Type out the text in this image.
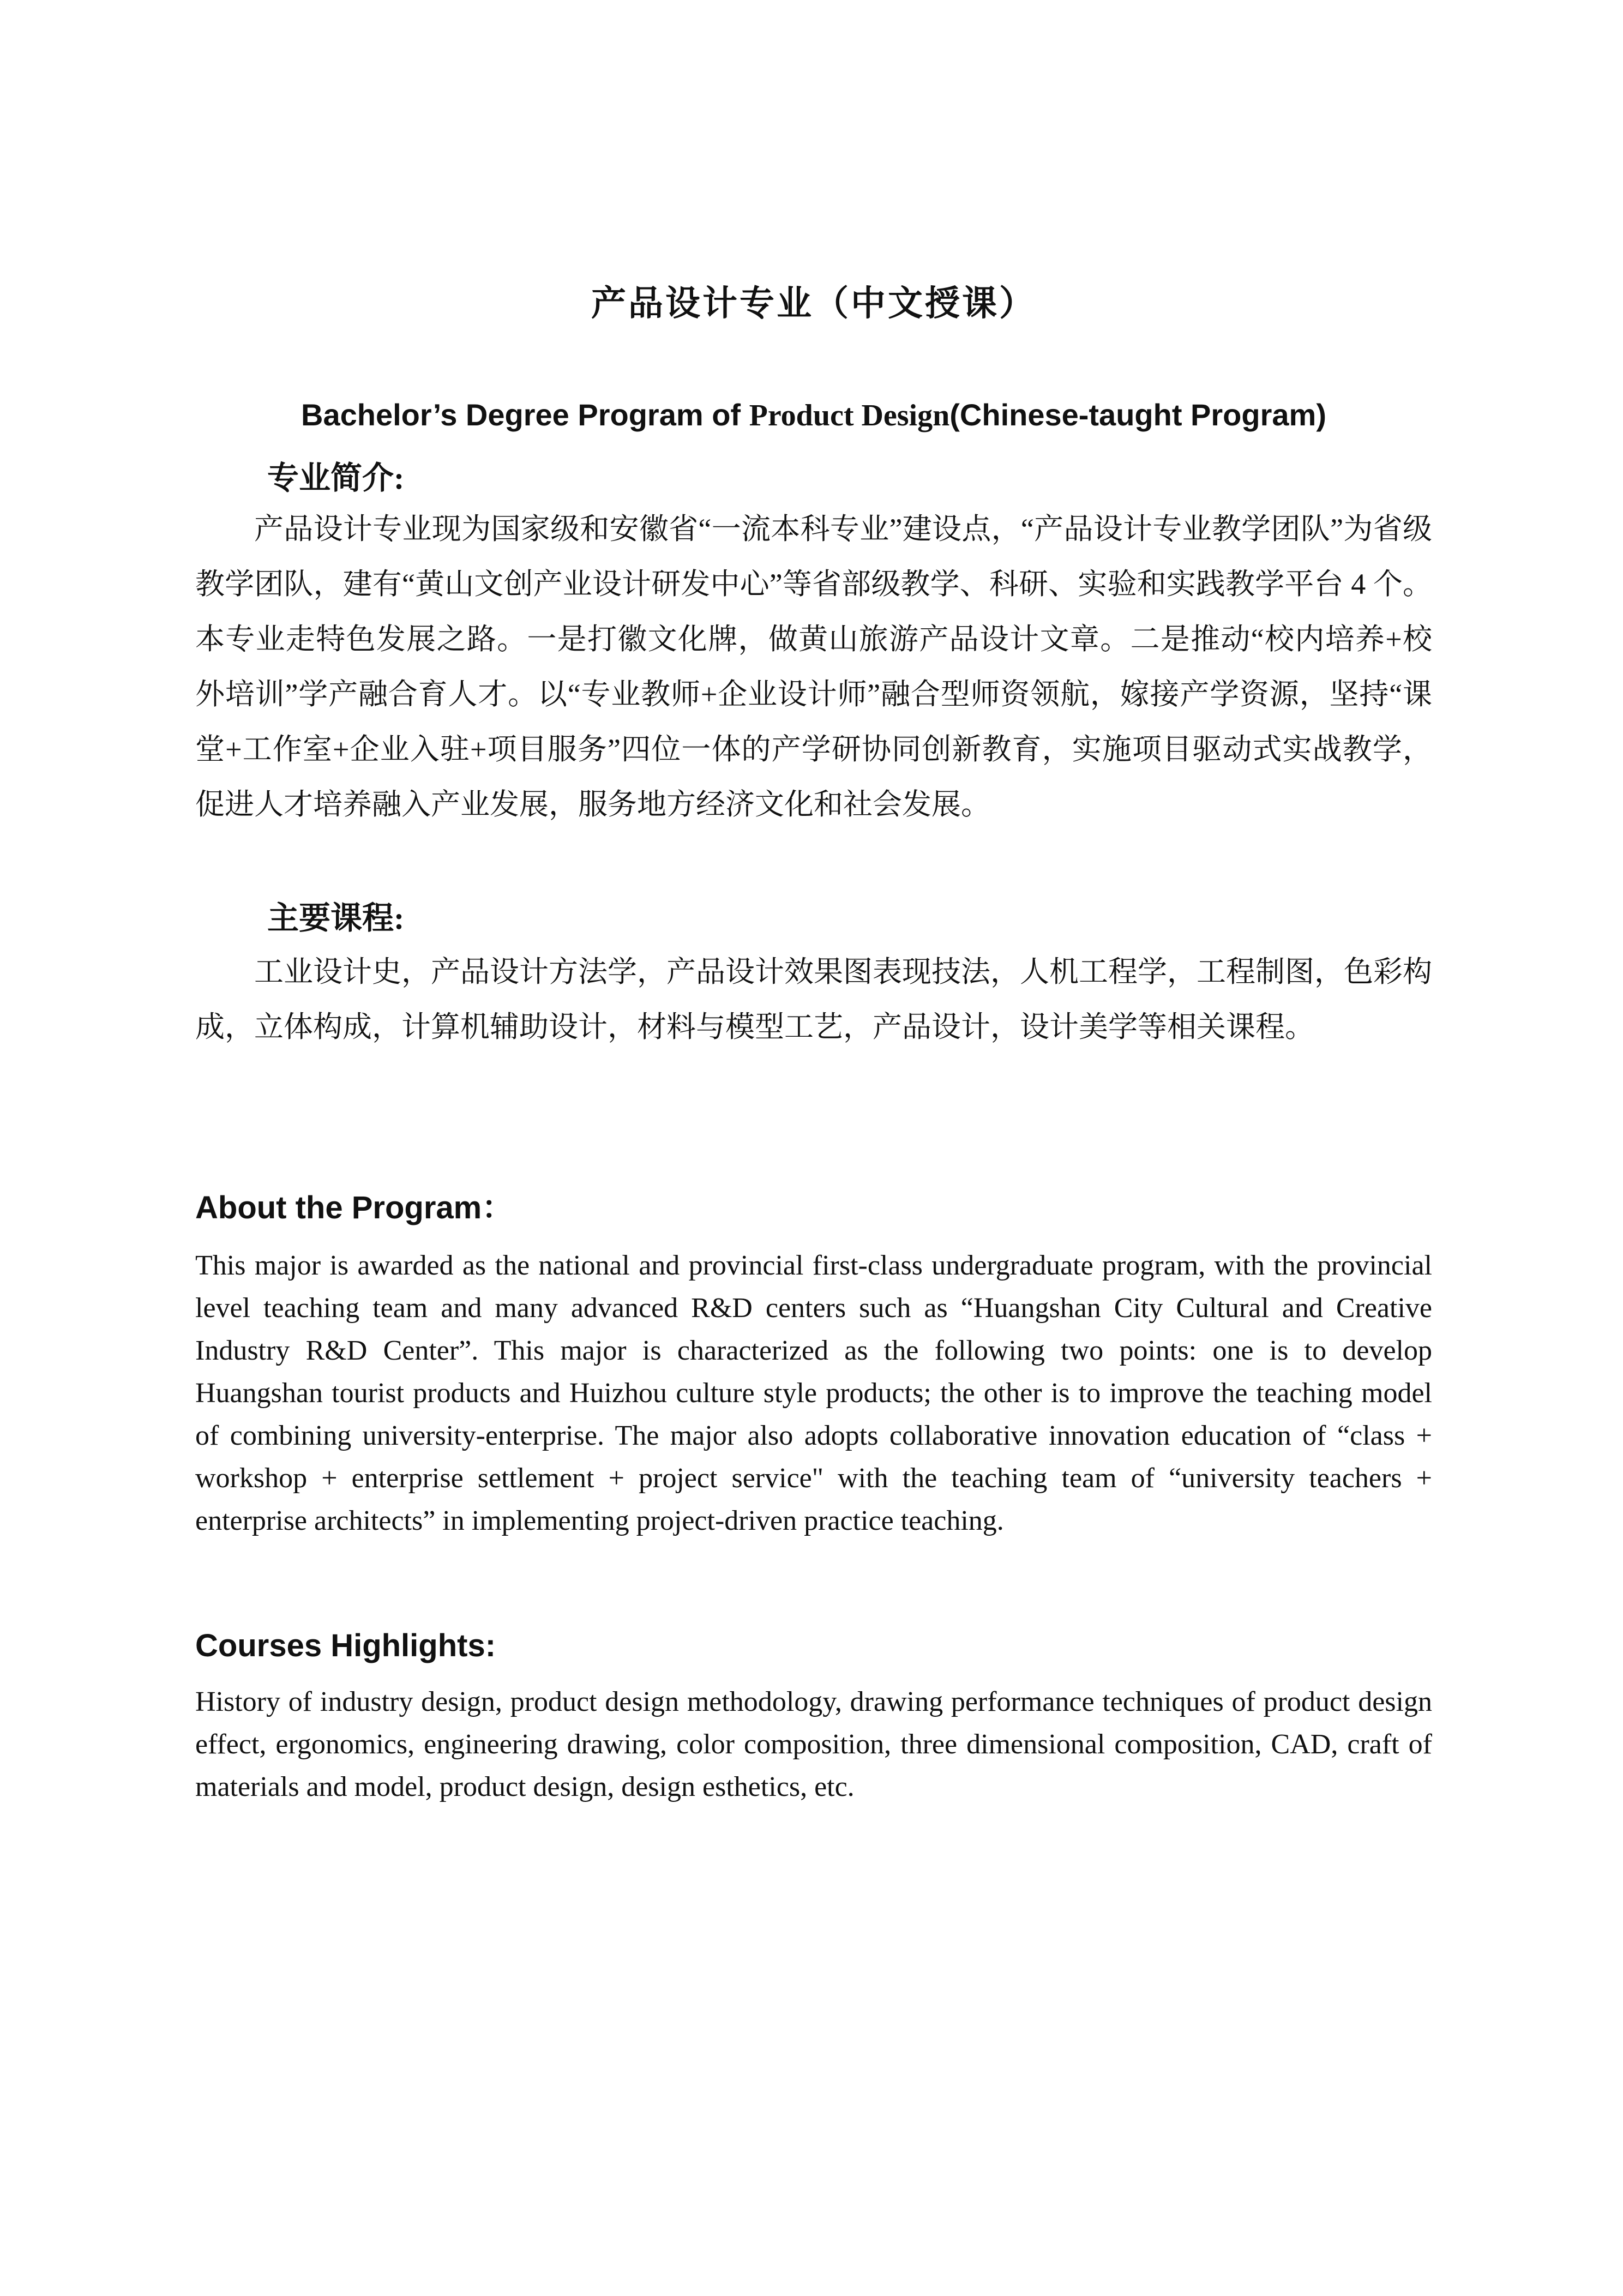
产品设计专业（中文授课）
Bachelor’s Degree Program of Product Design(Chinese-taught Program)
专业简介:

产品设计专业现为国家级和安徽省“一流本科专业”建设点，“产品设计专业教学团队”为省级教学团队，建有“黄山文创产业设计研发中心”等省部级教学、科研、实验和实践教学平台 4 个。本专业走特色发展之路。一是打徽文化牌，做黄山旅游产品设计文章。二是推动“校内培养+校外培训”学产融合育人才。以“专业教师+企业设计师”融合型师资领航，嫁接产学资源，坚持“课堂+工作室+企业入驻+项目服务”四位一体的产学研协同创新教育，实施项目驱动式实战教学，促进人才培养融入产业发展，服务地方经济文化和社会发展。

主要课程:

工业设计史，产品设计方法学，产品设计效果图表现技法，人机工程学，工程制图，色彩构成，立体构成，计算机辅助设计，材料与模型工艺，产品设计，设计美学等相关课程。

About the Program：

This major is awarded as the national and provincial first-class undergraduate program, with the provincial level teaching team and many advanced R&D centers such as “Huangshan City Cultural and Creative Industry R&D Center”. This major is characterized as the following two points: one is to develop Huangshan tourist products and Huizhou culture style products; the other is to improve the teaching model of combining university-enterprise. The major also adopts collaborative innovation education of “class + workshop + enterprise settlement + project service" with the teaching team of “university teachers + enterprise architects” in implementing project-driven practice teaching.

Courses Highlights:

History of industry design, product design methodology, drawing performance techniques of product design effect, ergonomics, engineering drawing, color composition, three dimensional composition, CAD, craft of materials and model, product design, design esthetics, etc.
